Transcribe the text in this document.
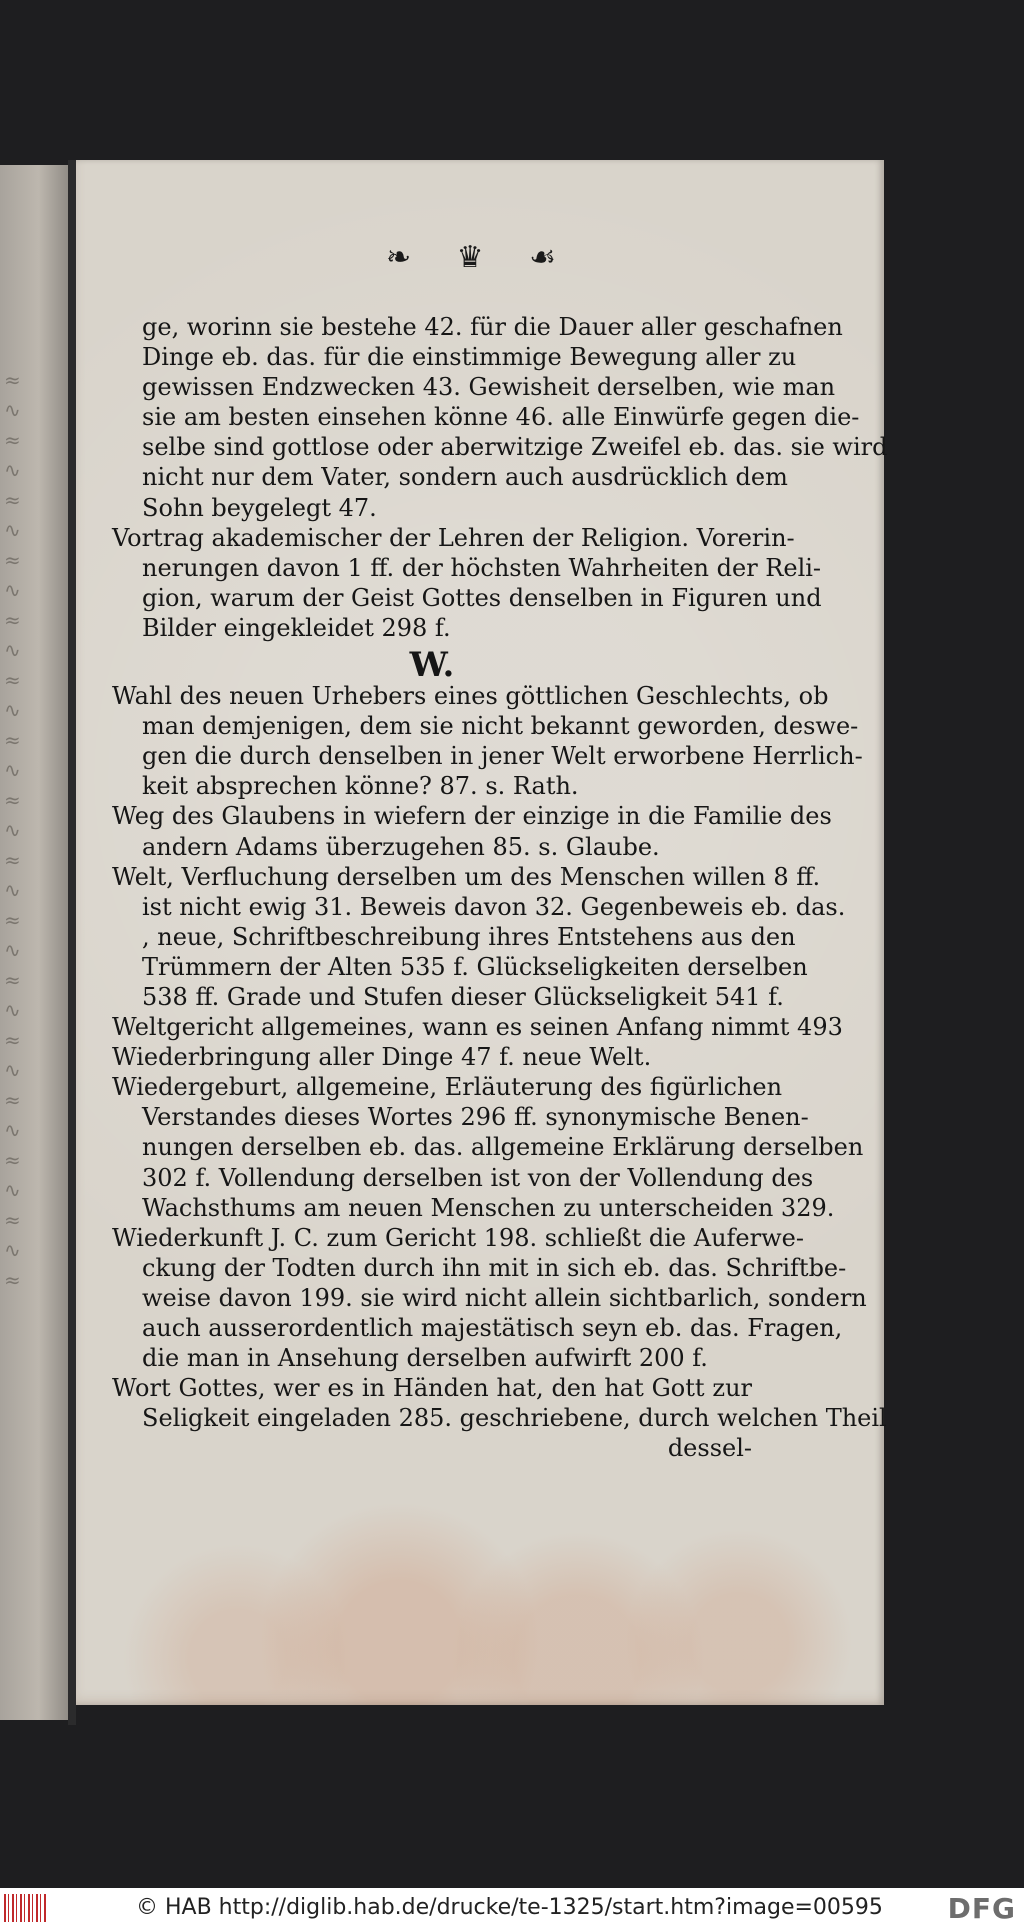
≈
∿
≈
∿
≈
∿
≈
∿
≈
∿
≈
∿
≈
∿
≈
∿
≈
∿
≈
∿
≈
∿
≈
∿
≈
∿
≈
∿
≈
∿
≈

❧ ♛ ☙
ge, worinn sie bestehe 42. für die Dauer aller geschafnen
Dinge eb. das. für die einstimmige Bewegung aller zu
gewissen Endzwecken 43. Gewisheit derselben, wie man
sie am besten einsehen könne 46. alle Einwürfe gegen die-
selbe sind gottlose oder aberwitzige Zweifel eb. das. sie wird
nicht nur dem Vater, sondern auch ausdrücklich dem
Sohn beygelegt 47.
Vortrag akademischer der Lehren der Religion. Vorerin-
nerungen davon 1 ff. der höchsten Wahrheiten der Reli-
gion, warum der Geist Gottes denselben in Figuren und
Bilder eingekleidet 298 f.
W.
Wahl des neuen Urhebers eines göttlichen Geschlechts, ob
man demjenigen, dem sie nicht bekannt geworden, deswe-
gen die durch denselben in jener Welt erworbene Herrlich-
keit absprechen könne? 87. s. Rath.
Weg des Glaubens in wiefern der einzige in die Familie des
andern Adams überzugehen 85. s. Glaube.
Welt, Verfluchung derselben um des Menschen willen 8 ff.
ist nicht ewig 31. Beweis davon 32. Gegenbeweis eb. das.
, neue, Schriftbeschreibung ihres Entstehens aus den
Trümmern der Alten 535 f. Glückseligkeiten derselben
538 ff. Grade und Stufen dieser Glückseligkeit 541 f.
Weltgericht allgemeines, wann es seinen Anfang nimmt 493
Wiederbringung aller Dinge 47 f. neue Welt.
Wiedergeburt, allgemeine, Erläuterung des figürlichen
Verstandes dieses Wortes 296 ff. synonymische Benen-
nungen derselben eb. das. allgemeine Erklärung derselben
302 f. Vollendung derselben ist von der Vollendung des
Wachsthums am neuen Menschen zu unterscheiden 329.
Wiederkunft J. C. zum Gericht 198. schließt die Auferwe-
ckung der Todten durch ihn mit in sich eb. das. Schriftbe-
weise davon 199. sie wird nicht allein sichtbarlich, sondern
auch ausserordentlich majestätisch seyn eb. das. Fragen,
die man in Ansehung derselben aufwirft 200 f.
Wort Gottes, wer es in Händen hat, den hat Gott zur
Seligkeit eingeladen 285. geschriebene, durch welchen Theil
dessel-
© HAB http://diglib.hab.de/drucke/te-1325/start.htm?image=00595 DFG
